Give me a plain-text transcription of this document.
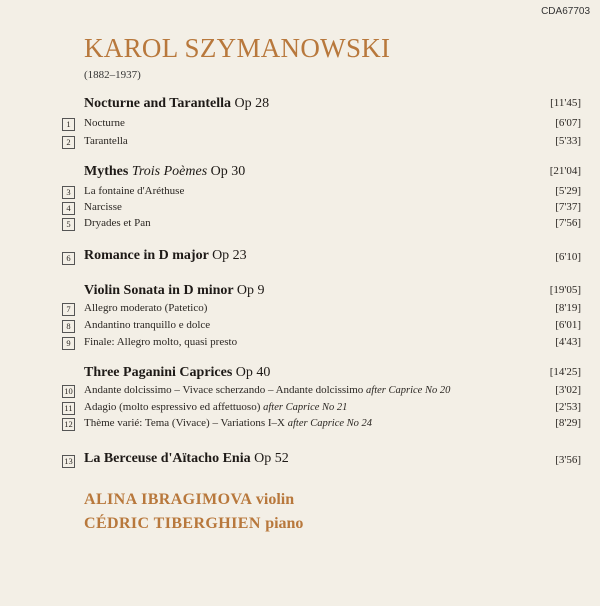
CDA67703
KAROL SZYMANOWSKI
(1882–1937)
Nocturne and Tarantella Op 28	[11'45]
1	Nocturne	[6'07]
2	Tarantella	[5'33]
Mythes Trois Poèmes Op 30	[21'04]
3	La fontaine d'Aréthuse	[5'29]
4	Narcisse	[7'37]
5	Dryades et Pan	[7'56]
6 Romance in D major Op 23	[6'10]
Violin Sonata in D minor Op 9	[19'05]
7	Allegro moderato (Patetico)	[8'19]
8	Andantino tranquillo e dolce	[6'01]
9	Finale: Allegro molto, quasi presto	[4'43]
Three Paganini Caprices Op 40	[14'25]
10 Andante dolcissimo – Vivace scherzando – Andante dolcissimo after Caprice No 20	[3'02]
11 Adagio (molto espressivo ed affettuoso) after Caprice No 21	[2'53]
12 Thème varié: Tema (Vivace) – Variations I–X after Caprice No 24	[8'29]
13 La Berceuse d'Aïtacho Enia Op 52	[3'56]
ALINA IBRAGIMOVA violin
CÉDRIC TIBERGHIEN piano
